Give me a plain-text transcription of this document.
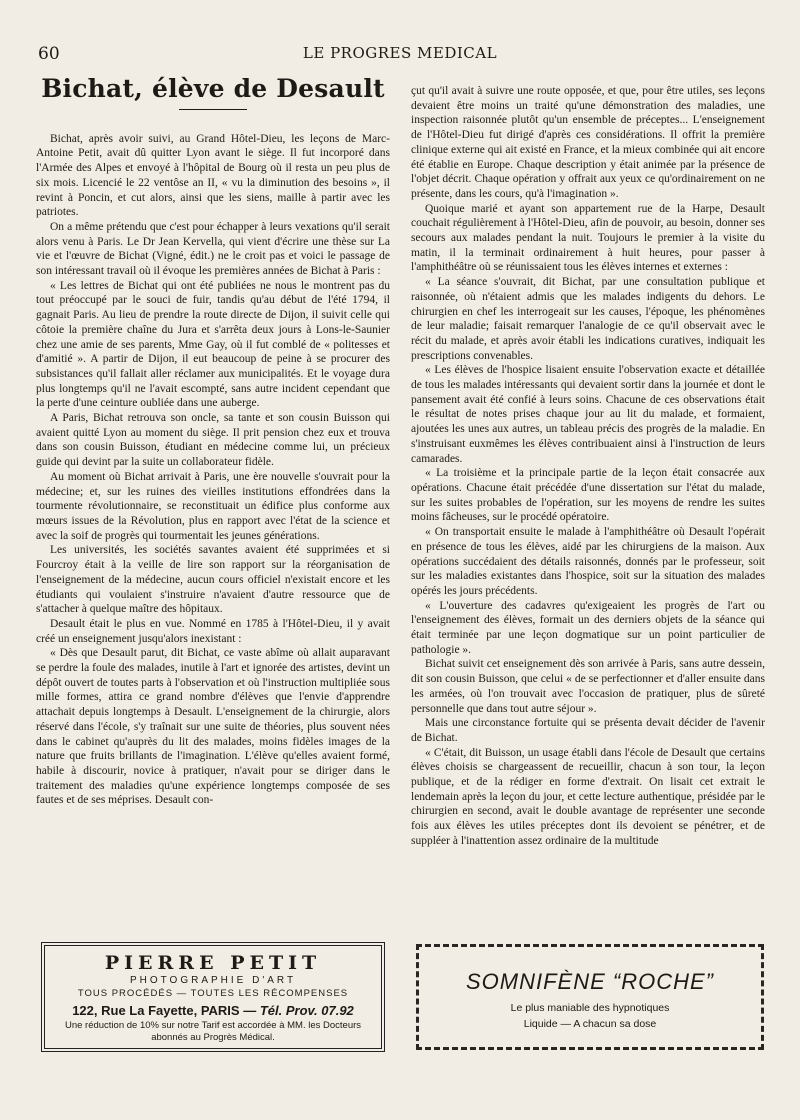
60	LE PROGRES MEDICAL
Bichat, élève de Desault

Bichat, après avoir suivi, au Grand Hôtel-Dieu, les leçons de Marc-Antoine Petit, avait dû quitter Lyon avant le siège. Il fut incorporé dans l'Armée des Alpes et envoyé à l'hôpital de Bourg où il resta un peu plus de six mois. Licencié le 22 ventôse an II, « vu la diminution des besoins », il revint à Poncin, et cut alors, ainsi que les siens, maille à partir avec les patriotes.

On a même prétendu que c'est pour échapper à leurs vexations qu'il serait alors venu à Paris. Le Dr Jean Kervella, qui vient d'écrire une thèse sur La vie et l'œuvre de Bichat (Vigné, édit.) ne le croit pas et voici le passage de son intéressant travail où il évoque les premières années de Bichat à Paris :

« Les lettres de Bichat qui ont été publiées ne nous le montrent pas du tout préoccupé par le souci de fuir, tandis qu'au début de l'été 1794, il gagnait Paris. Au lieu de prendre la route directe de Dijon, il suivit celle qui côtoie la première chaîne du Jura et s'arrêta deux jours à Lons-le-Saunier chez une amie de ses parents, Mme Gay, où il fut comblé de « politesses et d'amitié ». A partir de Dijon, il eut beaucoup de peine à se procurer des subsistances qu'il fallait aller réclamer aux municipalités. Et le voyage dura plus longtemps qu'il ne l'avait escompté, sans autre incident cependant que la perte d'une ceinture oubliée dans une auberge.

A Paris, Bichat retrouva son oncle, sa tante et son cousin Buisson qui avaient quitté Lyon au moment du siège. Il prit pension chez eux et trouva dans son cousin Buisson, étudiant en médecine comme lui, un précieux guide qui devint par la suite un collaborateur fidèle.

Au moment où Bichat arrivait à Paris, une ère nouvelle s'ouvrait pour la médecine; et, sur les ruines des vieilles institutions effondrées dans la tourmente révolutionnaire, se reconstituait un édifice plus conforme aux mœurs issues de la Révolution, plus en rapport avec l'état de la science et avec la soif de progrès qui tourmentait les jeunes générations.

Les universités, les sociétés savantes avaient été supprimées et si Fourcroy était à la veille de lire son rapport sur la réorganisation de l'enseignement de la médecine, aucun cours officiel n'existait encore et les étudiants qui voulaient s'instruire n'avaient d'autre ressource que de s'attacher à quelque maître des hôpitaux.

Desault était le plus en vue. Nommé en 1785 à l'Hôtel-Dieu, il y avait créé un enseignement jusqu'alors inexistant :

« Dès que Desault parut, dit Bichat, ce vaste abîme où allait auparavant se perdre la foule des malades, inutile à l'art et ignorée des artistes, devint un dépôt ouvert de toutes parts à l'observation et où l'instruction multipliée sous mille formes, attira ce grand nombre d'élèves que l'envie d'apprendre attachait depuis longtemps à Desault. L'enseignement de la chirurgie, alors réservé dans l'école, s'y traînait sur une suite de théories, plus souvent nées dans le cabinet qu'auprès du lit des malades, moins fidèles images de la nature que fruits brillants de l'imagination. L'élève qu'elles avaient formé, habile à discourir, novice à pratiquer, n'avait pour se diriger dans le traitement des maladies qu'une expérience longtemps composée de ses fautes et de ses méprises. Desault con-

çut qu'il avait à suivre une route opposée, et que, pour être utiles, ses leçons devaient être moins un traité qu'une démonstration des maladies, une inspection raisonnée plutôt qu'un ensemble de préceptes... L'enseignement de l'Hôtel-Dieu fut dirigé d'après ces considérations. Il offrit la première clinique externe qui ait existé en France, et la mieux combinée qui ait encore été établie en Europe. Chaque description y était animée par la présence de l'objet décrit. Chaque opération y offrait aux yeux ce qu'ordinairement on ne présente, dans les cours, qu'à l'imagination ».

Quoique marié et ayant son appartement rue de la Harpe, Desault couchait régulièrement à l'Hôtel-Dieu, afin de pouvoir, au besoin, donner ses secours aux malades pendant la nuit. Toujours le premier à la visite du matin, il la terminait ordinairement à huit heures, pour passer à l'amphithéâtre où se réunissaient tous les élèves internes et externes :

« La séance s'ouvrait, dit Bichat, par une consultation publique et raisonnée, où n'étaient admis que les malades indigents du dehors. Le chirurgien en chef les interrogeait sur les causes, l'époque, les phénomènes de leur maladie; faisait remarquer l'analogie de ce qu'il observait avec le récit du malade, et après avoir établi les indications curatives, indiquait les prescriptions convenables.

« Les élèves de l'hospice lisaient ensuite l'observation exacte et détaillée de tous les malades intéressants qui devaient sortir dans la journée et dont le pansement avait été confié à leurs soins. Chacune de ces observations était le résultat de notes prises chaque jour au lit du malade, et formaient, ajoutées les unes aux autres, un tableau précis des progrès de la maladie. En s'instruisant euxmêmes les élèves contribuaient ainsi à l'instruction de leurs camarades.

« La troisième et la principale partie de la leçon était consacrée aux opérations. Chacune était précédée d'une dissertation sur l'état du malade, sur les suites probables de l'opération, sur les moyens de rendre les suites moins fâcheuses, sur le procédé opératoire.

« On transportait ensuite le malade à l'amphithéâtre où Desault l'opérait en présence de tous les élèves, aidé par les chirurgiens de la maison. Aux opérations succédaient des détails raisonnés, donnés par le professeur, soit sur les maladies existantes dans l'hospice, soit sur la situation des malades opérés les jours précédents.

« L'ouverture des cadavres qu'exigeaient les progrès de l'art ou l'enseignement des élèves, formait un des derniers objets de la séance qui était terminée par une leçon dogmatique sur un point particulier de pathologie ».

Bichat suivit cet enseignement dès son arrivée à Paris, sans autre dessein, dit son cousin Buisson, que celui « de se perfectionner et d'aller ensuite dans les armées, où l'on trouvait avec l'occasion de pratiquer, plus de sûreté personnelle que dans tout autre séjour ».

Mais une circonstance fortuite qui se présenta devait décider de l'avenir de Bichat.

« C'était, dit Buisson, un usage établi dans l'école de Desault que certains élèves choisis se chargeassent de recueillir, chacun à son tour, la leçon publique, et de la rédiger en forme d'extrait. On lisait cet extrait le lendemain après la leçon du jour, et cette lecture authentique, présidée par le chirurgien en second, avait le double avantage de représenter une seconde fois aux élèves les utiles préceptes dont ils devoient se pénétrer, et de suppléer à l'inattention assez ordinaire de la multitude

PIERRE PETIT
PHOTOGRAPHIE D'ART
TOUS PROCÉDÉS — TOUTES LES RÉCOMPENSES
122, Rue La Fayette, PARIS — Tél. Prov. 07.92
Une réduction de 10% sur notre Tarif est accordée à MM. les Docteurs abonnés au Progrès Médical.
SOMNIFÈNE “ROCHE”
Le plus maniable des hypnotiques
Liquide — A chacun sa dose
